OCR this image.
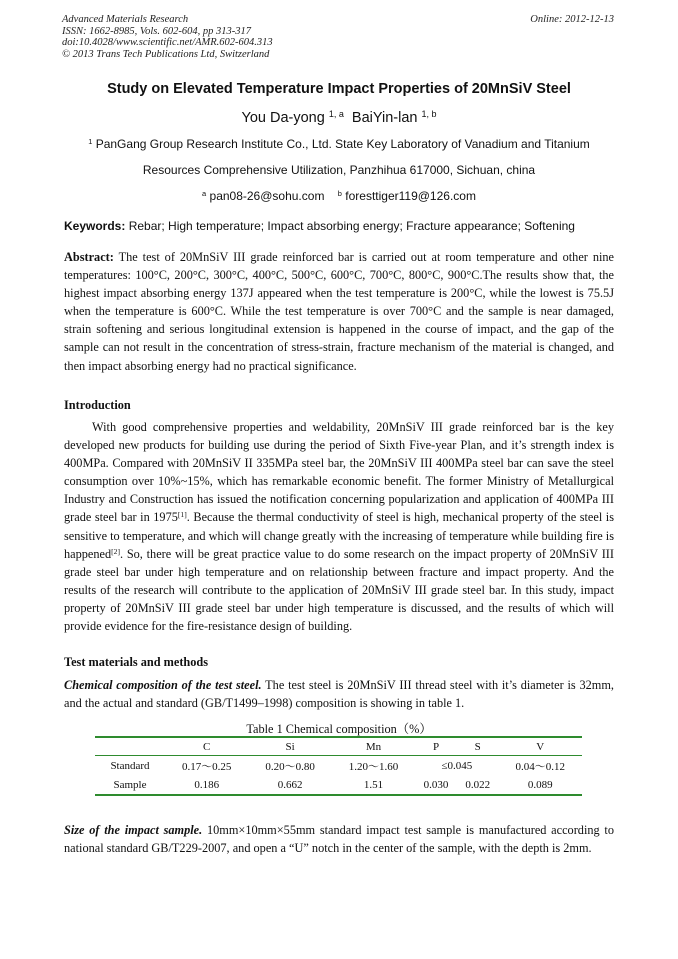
Advanced Materials Research
ISSN: 1662-8985, Vols. 602-604, pp 313-317
doi:10.4028/www.scientific.net/AMR.602-604.313
© 2013 Trans Tech Publications Ltd, Switzerland
Online: 2012-12-13
Study on Elevated Temperature Impact Properties of 20MnSiV Steel
You Da-yong $^{1, a}$ BaiYin-lan $^{1, b}$
$^1$ PanGang Group Research Institute Co., Ltd. State Key Laboratory of Vanadium and Titanium
Resources Comprehensive Utilization, Panzhihua 617000, Sichuan, china
$^a$ pan08-26@sohu.com $^b$ foresttiger119@126.com
Keywords: Rebar; High temperature; Impact absorbing energy; Fracture appearance; Softening
Abstract: The test of 20MnSiV III grade reinforced bar is carried out at room temperature and other nine temperatures: 100°C, 200°C, 300°C, 400°C, 500°C, 600°C, 700°C, 800°C, 900°C.The results show that, the highest impact absorbing energy 137J appeared when the test temperature is 200°C, while the lowest is 75.5J when the temperature is 600°C. While the test temperature is over 700°C and the sample is near damaged, strain softening and serious longitudinal extension is happened in the course of impact, and the gap of the sample can not result in the concentration of stress-strain, fracture mechanism of the material is changed, and then impact absorbing energy had no practical significance.
Introduction
With good comprehensive properties and weldability, 20MnSiV III grade reinforced bar is the key developed new products for building use during the period of Sixth Five-year Plan, and it’s strength index is 400MPa. Compared with 20MnSiV II 335MPa steel bar, the 20MnSiV III 400MPa steel bar can save the steel consumption over 10%~15%, which has remarkable economic benefit. The former Ministry of Metallurgical Industry and Construction has issued the notification concerning popularization and application of 400MPa III grade steel bar in 1975[1]. Because the thermal conductivity of steel is high, mechanical property of the steel is sensitive to temperature, and which will change greatly with the increasing of temperature while building fire is happened[2]. So, there will be great practice value to do some research on the impact property of 20MnSiV III grade steel bar under high temperature and on relationship between fracture and impact property. And the results of the research will contribute to the application of 20MnSiV III grade steel bar. In this study, impact property of 20MnSiV III grade steel bar under high temperature is discussed, and the results of which will provide evidence for the fire-resistance design of building.
Test materials and methods
Chemical composition of the test steel. The test steel is 20MnSiV III thread steel with it’s diameter is 32mm, and the actual and standard (GB/T1499–1998) composition is showing in table 1.
Table 1 Chemical composition（%）
	C	Si	Mn	P	S	V
Standard	0.17～0.25	0.20～0.80	1.20～1.60	≤0.045		0.04～0.12
Sample	0.186	0.662	1.51	0.030	0.022	0.089
Size of the impact sample. 10mm×10mm×55mm standard impact test sample is manufactured according to national standard GB/T229-2007, and open a “U” notch in the center of the sample, with the depth is 2mm.
